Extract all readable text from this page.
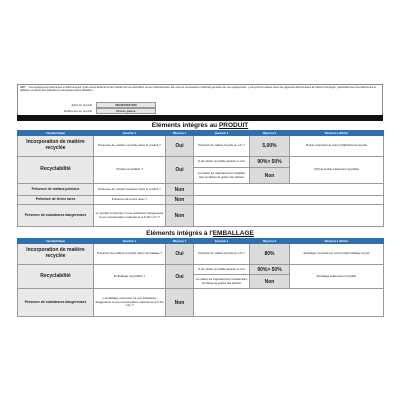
REP : " Les équipements électriques et électroniques, qu'ils soient destinés à être utilisés par les particuliers ou les professionnels, afin que les composants et déchets générés par ces équipements, y compris les métaux rares des appareils électroniques de haute technologie, particulièrement les téléphones et tablettes, puissent être collectés et réemployés après utilisation
EAN du produit	3663606367483
Référence du produit	Claves pause
Eléments intégrés au PRODUIT
Caractéristique	Question 1	Réponse 1	Question 2	Réponse 2	Mentions à afficher
Incorporation de matière recyclée	Présence de matière recyclée dans le produit ?	Oui	Proportion de matière recyclée en m/m ?	5,00%	Produit comportant au moins [x%]d'éléments recyclés
Recyclabilité	Produit recyclable ?	Oui	% de matière recyclable garantie en m/m	90%> 50%	[X%] du produit entièrement recyclable
			La matière est majoritairement retraitable dans les filières de gestion des déchets	Non	
Présence de métaux précieux	Présence de métaux précieux dans le produit ?	Non			
Présence de terres rares	Présence de terres rares ?	Non			
Présence de substances dangereuses	Le produit comporte-t-il une substance dangereuse à une concentration supérieure à 0,1% m/m ?	Non			
Eléments intégrés à l'EMBALLAGE
Caractéristique	Question 1	Réponse 1	Question 2	Réponse 2	Mentions à afficher
Incorporation de matière recyclée	Présence de matière recyclée dans l'emballage ?	Oui	Proportion de matière recyclée en m/m ?	80%	Emballage comportant au moins [x%]d'emballage recyclé
Recyclabilité	Emballage recyclable ?	Oui	% de matière recyclable garantie en m/m	90%> 50%	Emballage entièrement recyclable
			La matière est majoritairement retraitée dans les filières de gestion des déchets	Non	
Présence de substances dangereuses	L'emballage comporte-t-il une substance dangereuse à une concentration supérieure à 0,1% m/m ?	Non			
